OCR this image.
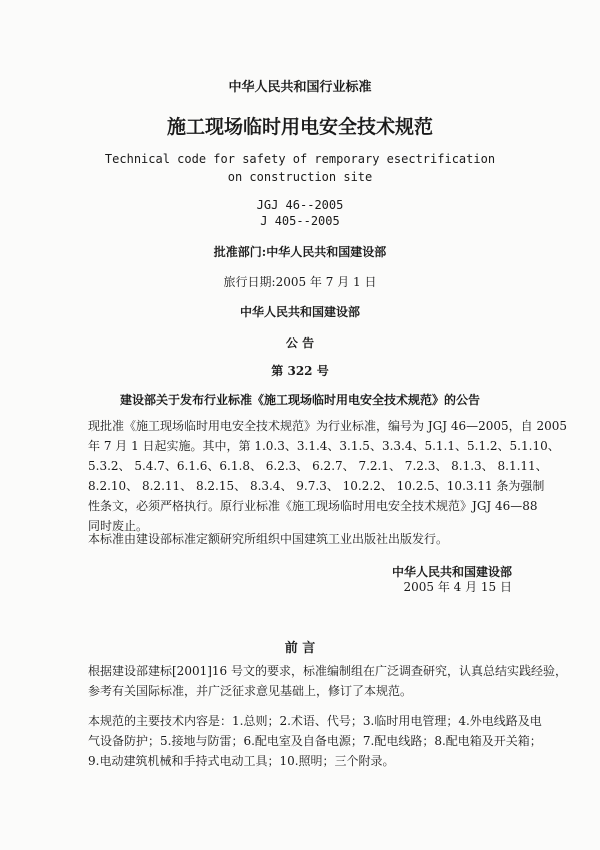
中华人民共和国行业标准
施工现场临时用电安全技术规范
Technical code for safety of remporary esectrification
on construction site
JGJ 46--2005
J 405--2005
批准部门:中华人民共和国建设部
旅行日期:2005 年 7 月 1 日
中华人民共和国建设部
公 告
第 322 号
建设部关于发布行业标准《施工现场临时用电安全技术规范》的公告
现批准《施工现场临时用电安全技术规范》为行业标准，编号为 JGJ 46—2005，自 2005
年 7 月 1 日起实施。其中，第 1.0.3、3.1.4、3.1.5、3.3.4、5.1.1、5.1.2、5.1.10、
5.3.2、 5.4.7、6.1.6、6.1.8、 6.2.3、 6.2.7、 7.2.1、 7.2.3、 8.1.3、 8.1.11、
8.2.10、 8.2.11、 8.2.15、 8.3.4、 9.7.3、 10.2.2、 10.2.5、10.3.11 条为强制
性条文，必须严格执行。原行业标准《施工现场临时用电安全技术规范》JGJ 46—88
同时废止。
本标准由建设部标准定额研究所组织中国建筑工业出版社出版发行。
中华人民共和国建设部
2005 年 4 月 15 日
前 言
根据建设部建标[2001]16 号文的要求，标准编制组在广泛调查研究，认真总结实践经验，
参考有关国际标准，并广泛征求意见基础上，修订了本规范。
本规范的主要技术内容是：1.总则；2.术语、代号；3.临时用电管理；4.外电线路及电
气设备防护；5.接地与防雷；6.配电室及自备电源；7.配电线路；8.配电箱及开关箱；
9.电动建筑机械和手持式电动工具；10.照明；三个附录。
